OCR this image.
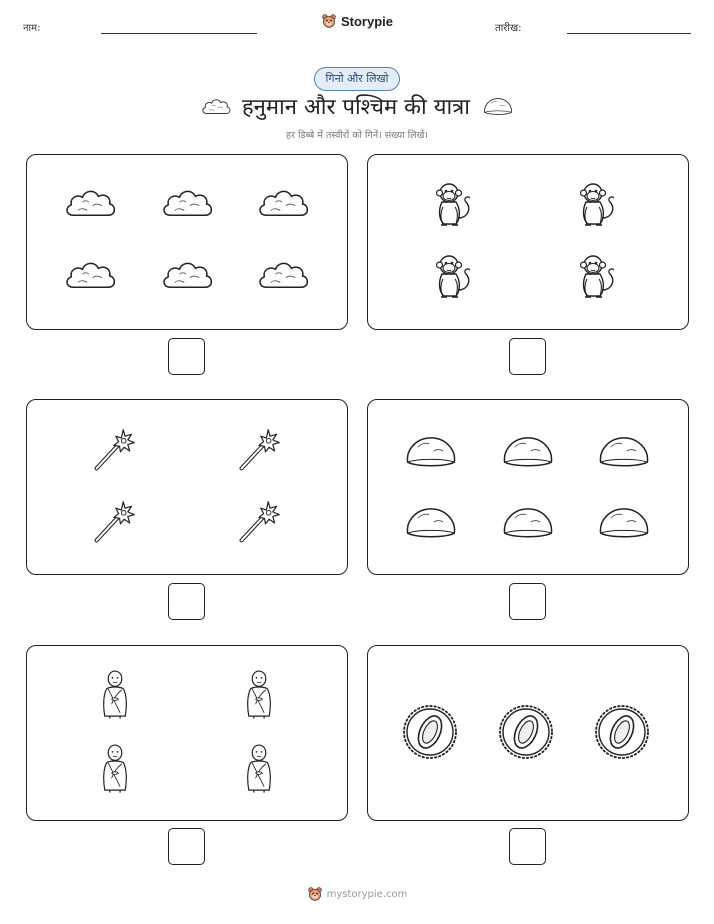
नाम:	Storypie	तारीख:
गिनो और लिखो
हनुमान और पश्चिम की यात्रा
हर डिब्बे में तस्वीरों को गिनें। संख्या लिखें।
mystorypie.com
